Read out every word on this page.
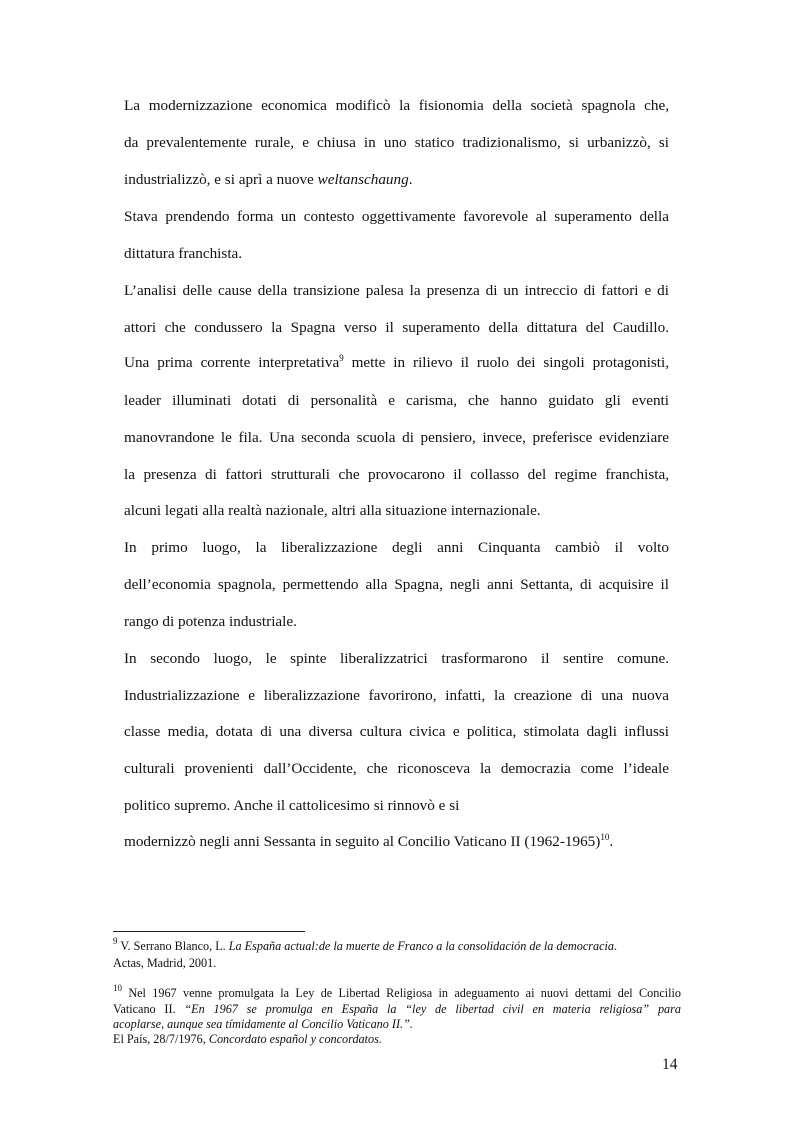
La modernizzazione economica modificò la fisionomia della società spagnola che,
da prevalentemente rurale, e chiusa in uno statico tradizionalismo, si urbanizzò, si
industrializzò, e si aprì a nuove weltanschaung.
Stava prendendo forma un contesto oggettivamente favorevole al superamento della
dittatura franchista.
L’analisi delle cause della transizione palesa la presenza di un intreccio di fattori e di
attori che condussero la Spagna verso il superamento della dittatura del Caudillo.
Una prima corrente interpretativa$^9$ mette in rilievo il ruolo dei singoli protagonisti,
leader illuminati dotati di personalità e carisma, che hanno guidato gli eventi
manovrandone le fila. Una seconda scuola di pensiero, invece, preferisce evidenziare
la presenza di fattori strutturali che provocarono il collasso del regime franchista,
alcuni legati alla realtà nazionale, altri alla situazione internazionale.
In primo luogo, la liberalizzazione degli anni Cinquanta cambiò il volto
dell’economia spagnola, permettendo alla Spagna, negli anni Settanta, di acquisire il
rango di potenza industriale.
In secondo luogo, le spinte liberalizzatrici trasformarono il sentire comune.
Industrializzazione e liberalizzazione favorirono, infatti, la creazione di una nuova
classe media, dotata di una diversa cultura civica e politica, stimolata dagli influssi
culturali provenienti dall’Occidente, che riconosceva la democrazia come l’ideale
politico supremo. Anche il cattolicesimo si rinnovò e si
modernizzò negli anni Sessanta in seguito al Concilio Vaticano II (1962-1965)$^{10}$.
$^9$ V. Serrano Blanco, L. La España actual:de la muerte de Franco a la consolidación de la democracia.
Actas, Madrid, 2001.
$^{10}$ Nel 1967 venne promulgata la Ley de Libertad Religiosa in adeguamento ai nuovi dettami del Concilio
Vaticano II. “En 1967 se promulga en España la “ley de libertad civil en materia religiosa” para
acoplarse, aunque sea tímidamente al Concilio Vaticano II.”.
El País, 28/7/1976, Concordato español y concordatos.
14
